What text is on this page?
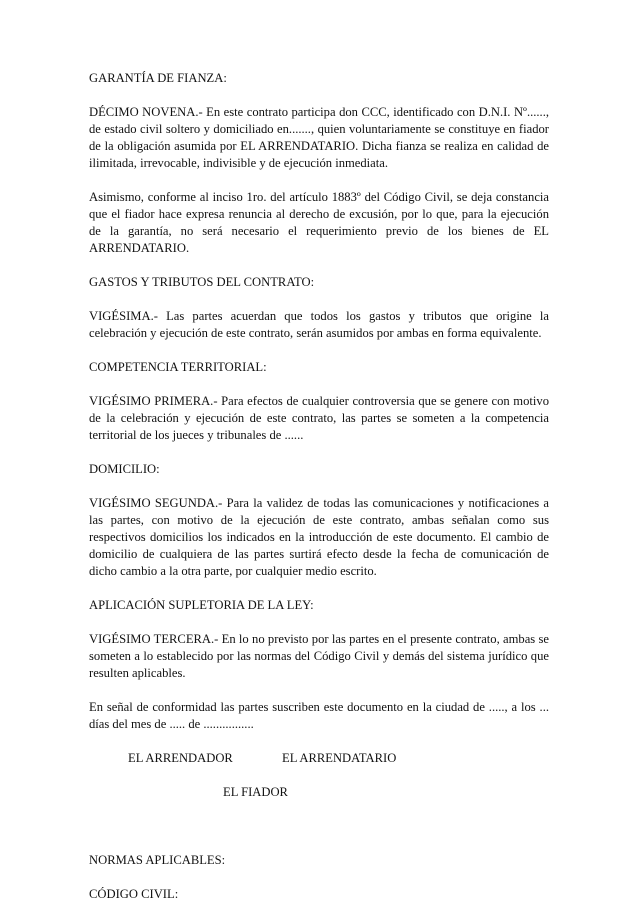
GARANTÍA DE FIANZA:

DÉCIMO NOVENA.- En este contrato participa don CCC, identificado con D.N.I. Nº......, de estado civil soltero y domiciliado en......., quien voluntariamente se constituye en fiador de la obligación asumida por EL ARRENDATARIO. Dicha fianza se realiza en calidad de ilimitada, irrevocable, indivisible y de ejecución inmediata.

Asimismo, conforme al inciso 1ro. del artículo 1883º del Código Civil, se deja constancia que el fiador hace expresa renuncia al derecho de excusión, por lo que, para la ejecución de la garantía, no será necesario el requerimiento previo de los bienes de EL ARRENDATARIO.

GASTOS Y TRIBUTOS DEL CONTRATO:

VIGÉSIMA.- Las partes acuerdan que todos los gastos y tributos que origine la celebración y ejecución de este contrato, serán asumidos por ambas en forma equivalente.

COMPETENCIA TERRITORIAL:

VIGÉSIMO PRIMERA.- Para efectos de cualquier controversia que se genere con motivo de la celebración y ejecución de este contrato, las partes se someten a la competencia territorial de los jueces y tribunales de ......

DOMICILIO:

VIGÉSIMO SEGUNDA.- Para la validez de todas las comunicaciones y notificaciones a las partes, con motivo de la ejecución de este contrato, ambas señalan como sus respectivos domicilios los indicados en la introducción de este documento. El cambio de domicilio de cualquiera de las partes surtirá efecto desde la fecha de comunicación de dicho cambio a la otra parte, por cualquier medio escrito.

APLICACIÓN SUPLETORIA DE LA LEY:

VIGÉSIMO TERCERA.- En lo no previsto por las partes en el presente contrato, ambas se someten a lo establecido por las normas del Código Civil y demás del sistema jurídico que resulten aplicables.

En señal de conformidad las partes suscriben este documento en la ciudad de ....., a los ... días del mes de ..... de ................

EL ARRENDADOR	EL ARRENDATARIO
EL FIADOR

NORMAS APLICABLES:

CÓDIGO CIVIL:
